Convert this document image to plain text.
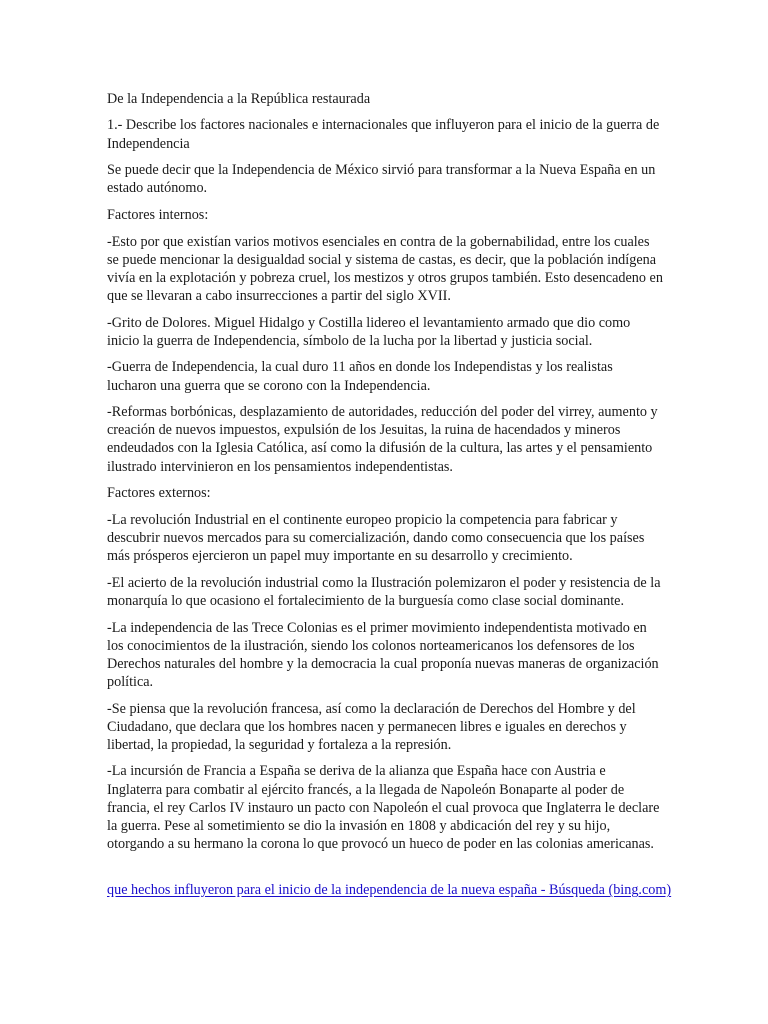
De la Independencia a la República restaurada

1.- Describe los factores nacionales e internacionales que influyeron para el inicio de la guerra de Independencia

Se puede decir que la Independencia de México sirvió para transformar a la Nueva España en un estado autónomo.

Factores internos:

-Esto por que existían varios motivos esenciales en contra de la gobernabilidad, entre los cuales se puede mencionar la desigualdad social y sistema de castas, es decir, que la población indígena vivía en la explotación y pobreza cruel, los mestizos y otros grupos también. Esto desencadeno en que se llevaran a cabo insurrecciones a partir del siglo XVII.

-Grito de Dolores. Miguel Hidalgo y Costilla lidereo el levantamiento armado que dio como inicio la guerra de Independencia, símbolo de la lucha por la libertad y justicia social.

-Guerra de Independencia, la cual duro 11 años en donde los Independistas y los realistas lucharon una guerra que se corono con la Independencia.

-Reformas borbónicas, desplazamiento de autoridades, reducción del poder del virrey, aumento y creación de nuevos impuestos, expulsión de los Jesuitas, la ruina de hacendados y mineros endeudados con la Iglesia Católica, así como la difusión de la cultura, las artes y el pensamiento ilustrado intervinieron en los pensamientos independentistas.

Factores externos:

-La revolución Industrial en el continente europeo propicio la competencia para fabricar y descubrir nuevos mercados para su comercialización, dando como consecuencia que los países más prósperos ejercieron un papel muy importante en su desarrollo y crecimiento.

-El acierto de la revolución industrial como la Ilustración polemizaron el poder y resistencia de la monarquía lo que ocasiono el fortalecimiento de la burguesía como clase social dominante.

-La independencia de las Trece Colonias es el primer movimiento independentista motivado en los conocimientos de la ilustración, siendo los colonos norteamericanos los defensores de los Derechos naturales del hombre y la democracia la cual proponía nuevas maneras de organización política.

-Se piensa que la revolución francesa, así como la declaración de Derechos del Hombre y del Ciudadano, que declara que los hombres nacen y permanecen libres e iguales en derechos y libertad, la propiedad, la seguridad y fortaleza a la represión.

-La incursión de Francia a España se deriva de la alianza que España hace con Austria e Inglaterra para combatir al ejército francés, a la llegada de Napoleón Bonaparte al poder de francia, el rey Carlos IV instauro un pacto con Napoleón el cual provoca que Inglaterra le declare la guerra. Pese al sometimiento se dio la invasión en 1808 y abdicación del rey y su hijo, otorgando a su hermano la corona lo que provocó un hueco de poder en las colonias americanas.

que hechos influyeron para el inicio de la independencia de la nueva españa - Búsqueda (bing.com)
